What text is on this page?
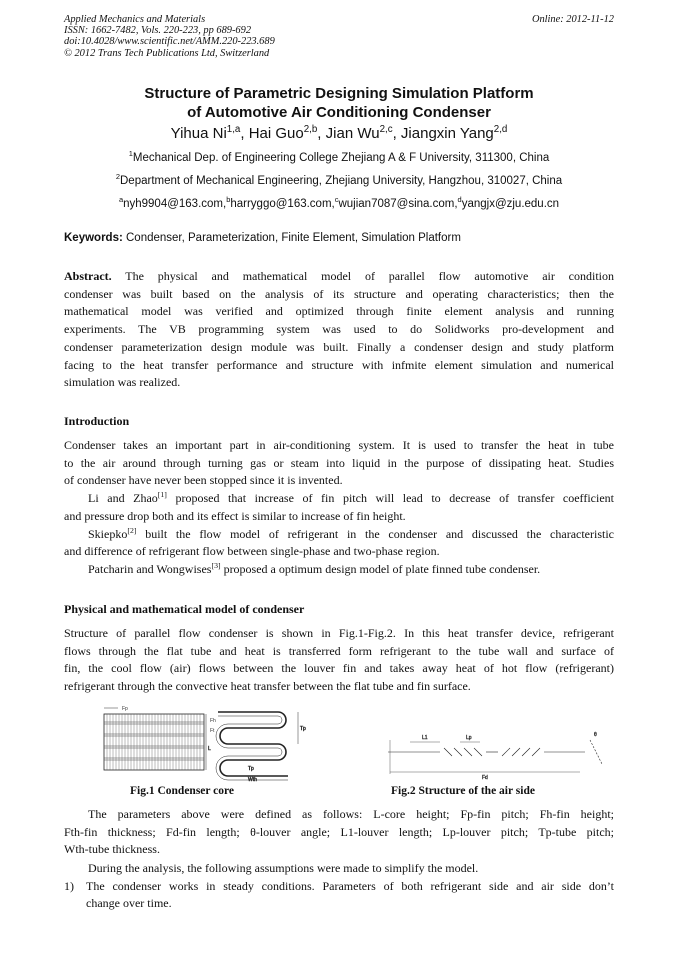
Applied Mechanics and Materials
ISSN: 1662-7482, Vols. 220-223, pp 689-692
doi:10.4028/www.scientific.net/AMM.220-223.689
© 2012 Trans Tech Publications Ltd, Switzerland
Online: 2012-11-12
Structure of Parametric Designing Simulation Platform
of Automotive Air Conditioning Condenser
Yihua Ni$^{1,a}$, Hai Guo$^{2,b}$, Jian Wu$^{2,c}$, Jiangxin Yang$^{2,d}$
$^1$Mechanical Dep. of Engineering College Zhejiang A & F University, 311300, China
$^2$Department of Mechanical Engineering, Zhejiang University, Hangzhou, 310027, China
$^a$nyh9904@163.com,$^b$harryggo@163.com,$^c$wujian7087@sina.com,$^d$yangjx@zju.edu.cn
Keywords: Condenser, Parameterization, Finite Element, Simulation Platform
Abstract. The physical and mathematical model of parallel flow automotive air condition
condenser was built based on the analysis of its structure and operating characteristics; then the
mathematical model was verified and optimized through finite element analysis and running
experiments. The VB programming system was used to do Solidworks pro-development and
condenser parameterization design module was built. Finally a condenser design and study platform
facing to the heat transfer performance and structure with infmite element simulation and numerical
simulation was realized.
Introduction
Condenser takes an important part in air-conditioning system. It is used to transfer the heat in tube
to the air around through turning gas or steam into liquid in the purpose of dissipating heat. Studies
of condenser have never been stopped since it is invented.
Li and Zhao[1] proposed that increase of fin pitch will lead to decrease of transfer coefficient
and pressure drop both and its effect is similar to increase of fin height.
Skiepko[2] built the flow model of refrigerant in the condenser and discussed the characteristic
and difference of refrigerant flow between single-phase and two-phase region.
Patcharin and Wongwises[3] proposed a optimum design model of plate finned tube condenser.
Physical and mathematical model of condenser
Structure of parallel flow condenser is shown in Fig.1-Fig.2. In this heat transfer device, refrigerant
flows through the flat tube and heat is transferred form refrigerant to the tube wall and surface of
fin, the cool flow (air) flows between the louver fin and takes away heat of hot flow (refrigerant)
refrigerant through the convective heat transfer between the flat tube and fin surface.
Fp
Fh
Ft
L
Tp
Tp
Wth
L1	Lp
Fd
θ
Fig.1 Condenser core	Fig.2 Structure of the air side
The parameters above were defined as follows: L-core height; Fp-fin pitch; Fh-fin height;
Fth-fin thickness; Fd-fin length; θ-louver angle; L1-louver length; Lp-louver pitch; Tp-tube pitch;
Wth-tube thickness.
During the analysis, the following assumptions were made to simplify the model.
1) The condenser works in steady conditions. Parameters of both refrigerant side and air side don’t
change over time.
